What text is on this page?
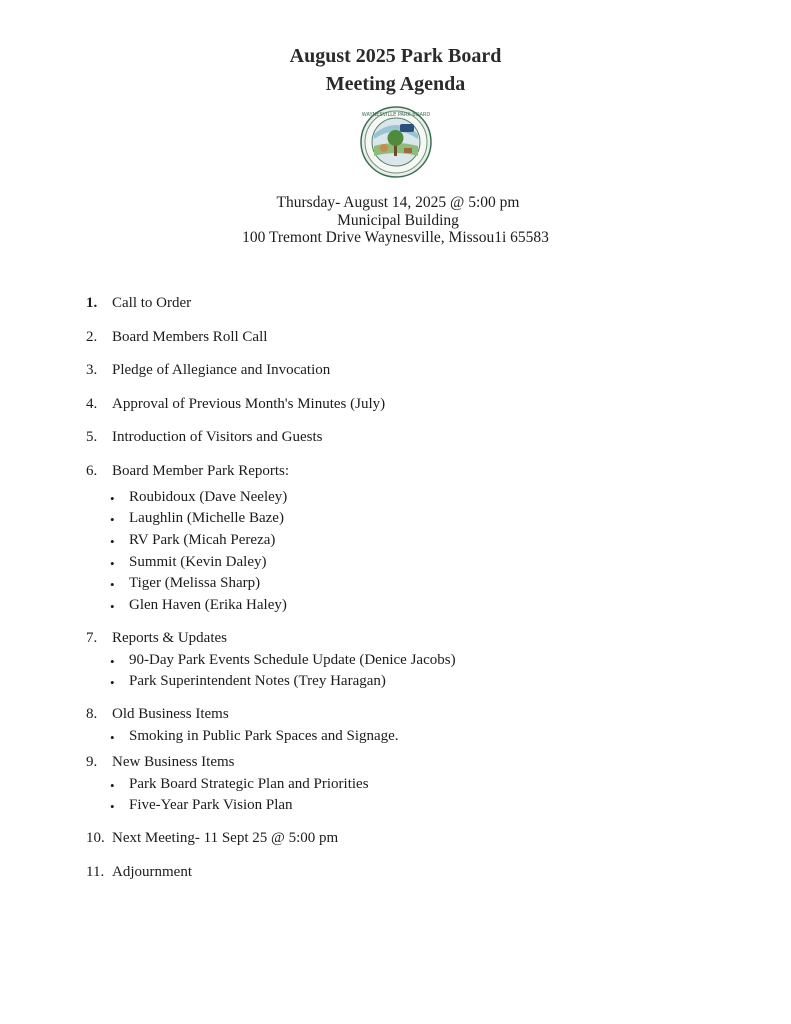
August 2025 Park Board
Meeting Agenda
WAYNESVILLE PARK BOARD
Thursday- August 14, 2025 @ 5:00 pm
Municipal Building
100 Tremont Drive Waynesville, Missou1i 65583
1. Call to Order
2. Board Members Roll Call
3. Pledge of Allegiance and Invocation
4. Approval of Previous Month's Minutes (July)
5. Introduction of Visitors and Guests
6. Board Member Park Reports:
• Roubidoux (Dave Neeley)
• Laughlin (Michelle Baze)
• RV Park (Micah Pereza)
• Summit (Kevin Daley)
• Tiger (Melissa Sharp)
• Glen Haven (Erika Haley)
7. Reports & Updates
• 90-Day Park Events Schedule Update (Denice Jacobs)
• Park Superintendent Notes (Trey Haragan)
8. Old Business Items
• Smoking in Public Park Spaces and Signage.
9. New Business Items
• Park Board Strategic Plan and Priorities
• Five-Year Park Vision Plan
10. Next Meeting- 11 Sept 25 @ 5:00 pm
11. Adjournment
